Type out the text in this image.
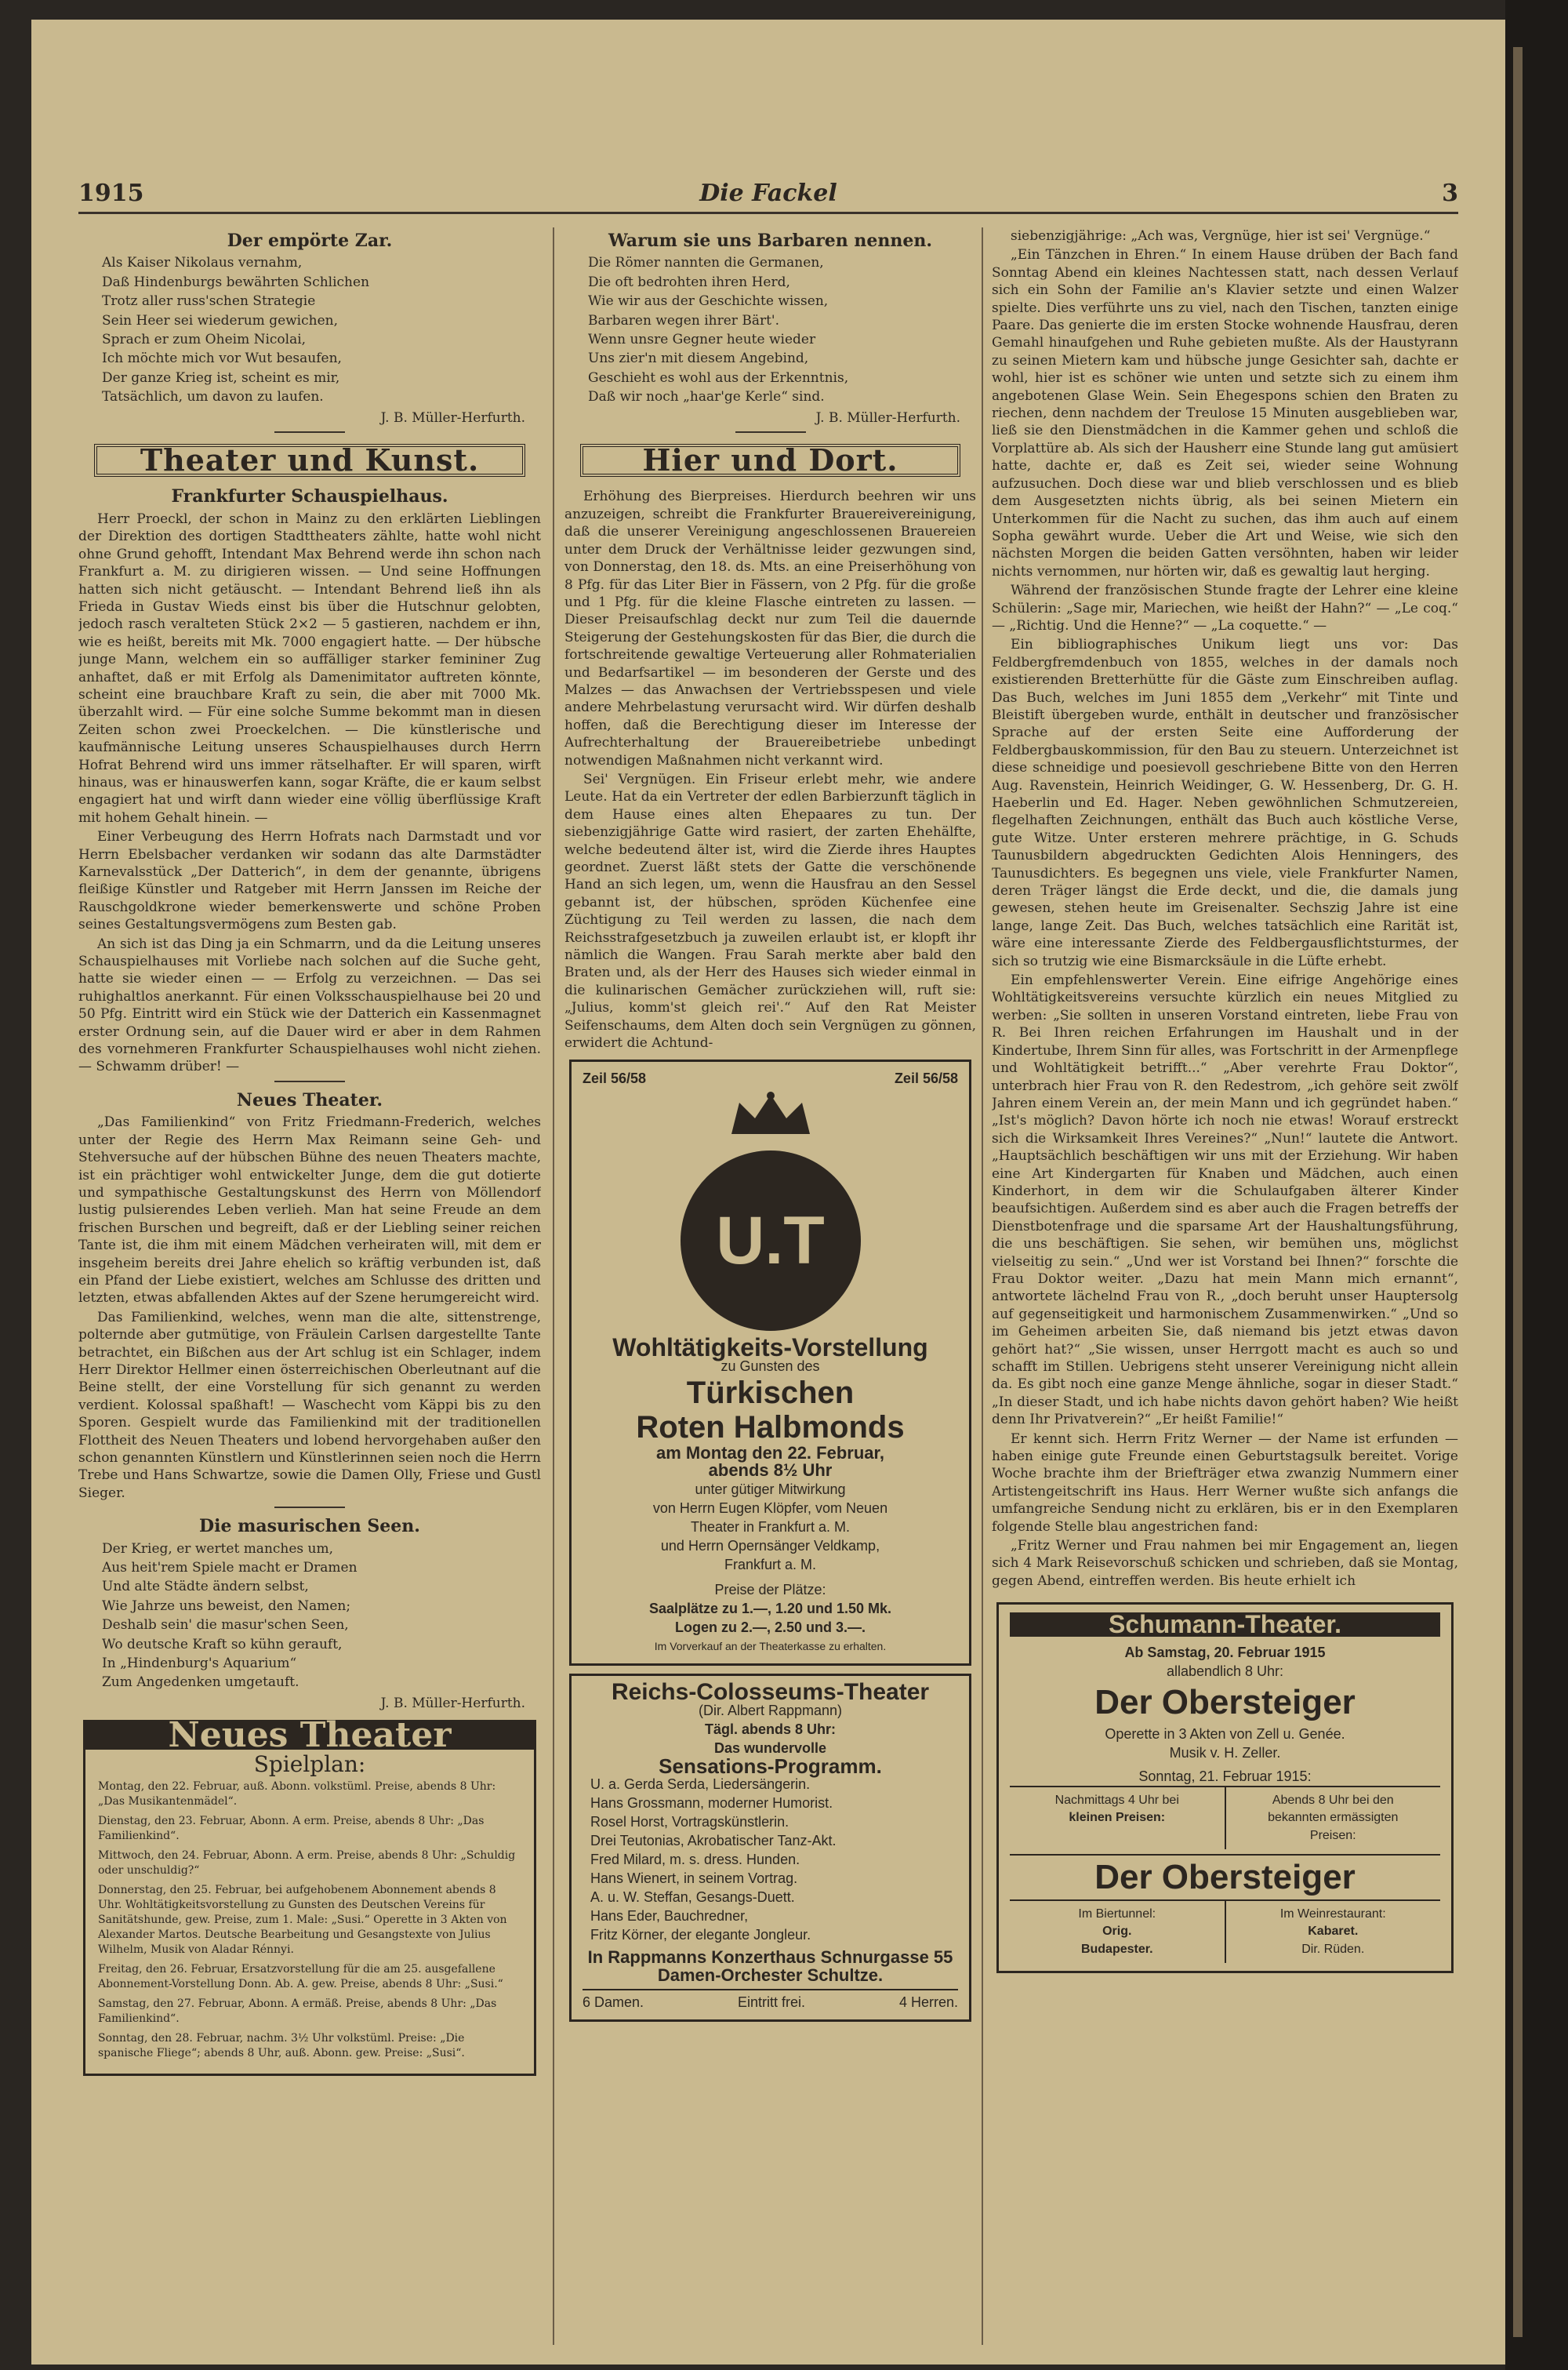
1915	Die Fackel	3
Der empörte Zar.
Als Kaiser Nikolaus vernahm,
Daß Hindenburgs bewährten Schlichen
Trotz aller russ'schen Strategie
Sein Heer sei wiederum gewichen,
Sprach er zum Oheim Nicolai,
Ich möchte mich vor Wut besaufen,
Der ganze Krieg ist, scheint es mir,
Tatsächlich, um davon zu laufen.
J. B. Müller-Herfurth.
Theater und Kunst.
Frankfurter Schauspielhaus.

Herr Proeckl, der schon in Mainz zu den erklärten Lieblingen der Direktion des dortigen Stadttheaters zählte, hatte wohl nicht ohne Grund gehofft, Intendant Max Behrend werde ihn schon nach Frankfurt a. M. zu dirigieren wissen. — Und seine Hoffnungen hatten sich nicht getäuscht. — Intendant Behrend ließ ihn als Frieda in Gustav Wieds einst bis über die Hutschnur gelobten, jedoch rasch veralteten Stück 2×2 — 5 gastieren, nachdem er ihn, wie es heißt, bereits mit Mk. 7000 engagiert hatte. — Der hübsche junge Mann, welchem ein so auffälliger starker femininer Zug anhaftet, daß er mit Erfolg als Damenimitator auftreten könnte, scheint eine brauchbare Kraft zu sein, die aber mit 7000 Mk. überzahlt wird. — Für eine solche Summe bekommt man in diesen Zeiten schon zwei Proeckelchen. — Die künstlerische und kaufmännische Leitung unseres Schauspielhauses durch Herrn Hofrat Behrend wird uns immer rätselhafter. Er will sparen, wirft hinaus, was er hinauswerfen kann, sogar Kräfte, die er kaum selbst engagiert hat und wirft dann wieder eine völlig überflüssige Kraft mit hohem Gehalt hinein. —

Einer Verbeugung des Herrn Hofrats nach Darmstadt und vor Herrn Ebelsbacher verdanken wir sodann das alte Darmstädter Karnevalsstück „Der Datterich“, in dem der genannte, übrigens fleißige Künstler und Ratgeber mit Herrn Janssen im Reiche der Rauschgoldkrone wieder bemerkenswerte und schöne Proben seines Gestaltungsvermögens zum Besten gab.

An sich ist das Ding ja ein Schmarrn, und da die Leitung unseres Schauspielhauses mit Vorliebe nach solchen auf die Suche geht, hatte sie wieder einen — — Erfolg zu verzeichnen. — Das sei ruhighaltlos anerkannt. Für einen Volksschauspielhause bei 20 und 50 Pfg. Eintritt wird ein Stück wie der Datterich ein Kassenmagnet erster Ordnung sein, auf die Dauer wird er aber in dem Rahmen des vornehmeren Frankfurter Schauspielhauses wohl nicht ziehen. — Schwamm drüber! —

Neues Theater.

„Das Familienkind“ von Fritz Friedmann-Frederich, welches unter der Regie des Herrn Max Reimann seine Geh- und Stehversuche auf der hübschen Bühne des neuen Theaters machte, ist ein prächtiger wohl entwickelter Junge, dem die gut dotierte und sympathische Gestaltungskunst des Herrn von Möllendorf lustig pulsierendes Leben verlieh. Man hat seine Freude an dem frischen Burschen und begreift, daß er der Liebling seiner reichen Tante ist, die ihm mit einem Mädchen verheiraten will, mit dem er insgeheim bereits drei Jahre ehelich so kräftig verbunden ist, daß ein Pfand der Liebe existiert, welches am Schlusse des dritten und letzten, etwas abfallenden Aktes auf der Szene herumgereicht wird.

Das Familienkind, welches, wenn man die alte, sittenstrenge, polternde aber gutmütige, von Fräulein Carlsen dargestellte Tante betrachtet, ein Bißchen aus der Art schlug ist ein Schlager, indem Herr Direktor Hellmer einen österreichischen Oberleutnant auf die Beine stellt, der eine Vorstellung für sich genannt zu werden verdient. Kolossal spaßhaft! — Waschecht vom Käppi bis zu den Sporen. Gespielt wurde das Familienkind mit der traditionellen Flottheit des Neuen Theaters und lobend hervorgehaben außer den schon genannten Künstlern und Künstlerinnen seien noch die Herrn Trebe und Hans Schwartze, sowie die Damen Olly, Friese und Gustl Sieger.

Die masurischen Seen.
Der Krieg, er wertet manches um,
Aus heit'rem Spiele macht er Dramen
Und alte Städte ändern selbst,
Wie Jahrze uns beweist, den Namen;
Deshalb sein' die masur'schen Seen,
Wo deutsche Kraft so kühn gerauft,
In „Hindenburg's Aquarium“
Zum Angedenken umgetauft.
J. B. Müller-Herfurth.
Neues Theater
Spielplan:
Montag, den 22. Februar, auß. Abonn. volkstüml. Preise, abends 8 Uhr: „Das Musikantenmädel“.
Dienstag, den 23. Februar, Abonn. A erm. Preise, abends 8 Uhr: „Das Familienkind“.
Mittwoch, den 24. Februar, Abonn. A erm. Preise, abends 8 Uhr: „Schuldig oder unschuldig?“
Donnerstag, den 25. Februar, bei aufgehobenem Abonnement abends 8 Uhr. Wohltätigkeitsvorstellung zu Gunsten des Deutschen Vereins für Sanitätshunde, gew. Preise, zum 1. Male: „Susi.“ Operette in 3 Akten von Alexander Martos. Deutsche Bearbeitung und Gesangstexte von Julius Wilhelm, Musik von Aladar Rénnyi.
Freitag, den 26. Februar, Ersatzvorstellung für die am 25. ausgefallene Abonnement-Vorstellung Donn. Ab. A. gew. Preise, abends 8 Uhr: „Susi.“
Samstag, den 27. Februar, Abonn. A ermäß. Preise, abends 8 Uhr: „Das Familienkind“.
Sonntag, den 28. Februar, nachm. 3½ Uhr volkstüml. Preise: „Die spanische Fliege“; abends 8 Uhr, auß. Abonn. gew. Preise: „Susi“.
Warum sie uns Barbaren nennen.
Die Römer nannten die Germanen,
Die oft bedrohten ihren Herd,
Wie wir aus der Geschichte wissen,
Barbaren wegen ihrer Bärt'.
Wenn unsre Gegner heute wieder
Uns zier'n mit diesem Angebind,
Geschieht es wohl aus der Erkenntnis,
Daß wir noch „haar'ge Kerle“ sind.
J. B. Müller-Herfurth.
Hier und Dort.

Erhöhung des Bierpreises. Hierdurch beehren wir uns anzuzeigen, schreibt die Frankfurter Brauereivereinigung, daß die unserer Vereinigung angeschlossenen Brauereien unter dem Druck der Verhältnisse leider gezwungen sind, von Donnerstag, den 18. ds. Mts. an eine Preiserhöhung von 8 Pfg. für das Liter Bier in Fässern, von 2 Pfg. für die große und 1 Pfg. für die kleine Flasche eintreten zu lassen. — Dieser Preisaufschlag deckt nur zum Teil die dauernde Steigerung der Gestehungskosten für das Bier, die durch die fortschreitende gewaltige Verteuerung aller Rohmaterialien und Bedarfsartikel — im besonderen der Gerste und des Malzes — das Anwachsen der Vertriebsspesen und viele andere Mehrbelastung verursacht wird. Wir dürfen deshalb hoffen, daß die Berechtigung dieser im Interesse der Aufrechterhaltung der Brauereibetriebe unbedingt notwendigen Maßnahmen nicht verkannt wird.

Sei' Vergnügen. Ein Friseur erlebt mehr, wie andere Leute. Hat da ein Vertreter der edlen Barbierzunft täglich in dem Hause eines alten Ehepaares zu tun. Der siebenzigjährige Gatte wird rasiert, der zarten Ehehälfte, welche bedeutend älter ist, wird die Zierde ihres Hauptes geordnet. Zuerst läßt stets der Gatte die verschönende Hand an sich legen, um, wenn die Hausfrau an den Sessel gebannt ist, der hübschen, spröden Küchenfee eine Züchtigung zu Teil werden zu lassen, die nach dem Reichsstrafgesetzbuch ja zuweilen erlaubt ist, er klopft ihr nämlich die Wangen. Frau Sarah merkte aber bald den Braten und, als der Herr des Hauses sich wieder einmal in die kulinarischen Gemächer zurückziehen will, ruft sie: „Julius, komm'st gleich rei'.“ Auf den Rat Meister Seifenschaums, dem Alten doch sein Vergnügen zu gönnen, erwidert die Achtund-

Zeil 56/58	Zeil 56/58
U.T
Wohltätigkeits-Vorstellung
zu Gunsten des
Türkischen
Roten Halbmonds
am Montag den 22. Februar,
abends 8½ Uhr
unter gütiger Mitwirkung
von Herrn Eugen Klöpfer, vom Neuen
Theater in Frankfurt a. M.
und Herrn Opernsänger Veldkamp,
Frankfurt a. M.
Preise der Plätze:
Saalplätze zu 1.—, 1.20 und 1.50 Mk.
Logen zu 2.—, 2.50 und 3.—.
Im Vorverkauf an der Theaterkasse zu erhalten.
Reichs-Colosseums-Theater
(Dir. Albert Rappmann)
Tägl. abends 8 Uhr:
Das wundervolle
Sensations-Programm.
U. a. Gerda Serda, Liedersängerin.
Hans Grossmann, moderner Humorist.
Rosel Horst, Vortragskünstlerin.
Drei Teutonias, Akrobatischer Tanz-Akt.
Fred Milard, m. s. dress. Hunden.
Hans Wienert, in seinem Vortrag.
A. u. W. Steffan, Gesangs-Duett.
Hans Eder, Bauchredner,
Fritz Körner, der elegante Jongleur.
In Rappmanns Konzerthaus Schnurgasse 55
Damen-Orchester Schultze.
6 Damen.	Eintritt frei.	4 Herren.

siebenzigjährige: „Ach was, Vergnüge, hier ist sei' Vergnüge.“

„Ein Tänzchen in Ehren.“ In einem Hause drüben der Bach fand Sonntag Abend ein kleines Nachtessen statt, nach dessen Verlauf sich ein Sohn der Familie an's Klavier setzte und einen Walzer spielte. Dies verführte uns zu viel, nach den Tischen, tanzten einige Paare. Das genierte die im ersten Stocke wohnende Hausfrau, deren Gemahl hinaufgehen und Ruhe gebieten mußte. Als der Haustyrann zu seinen Mietern kam und hübsche junge Gesichter sah, dachte er wohl, hier ist es schöner wie unten und setzte sich zu einem ihm angebotenen Glase Wein. Sein Ehegespons schien den Braten zu riechen, denn nachdem der Treulose 15 Minuten ausgeblieben war, ließ sie den Dienstmädchen in die Kammer gehen und schloß die Vorplattüre ab. Als sich der Hausherr eine Stunde lang gut amüsiert hatte, dachte er, daß es Zeit sei, wieder seine Wohnung aufzusuchen. Doch diese war und blieb verschlossen und es blieb dem Ausgesetzten nichts übrig, als bei seinen Mietern ein Unterkommen für die Nacht zu suchen, das ihm auch auf einem Sopha gewährt wurde. Ueber die Art und Weise, wie sich den nächsten Morgen die beiden Gatten versöhnten, haben wir leider nichts vernommen, nur hörten wir, daß es gewaltig laut herging.

Während der französischen Stunde fragte der Lehrer eine kleine Schülerin: „Sage mir, Mariechen, wie heißt der Hahn?“ — „Le coq.“ — „Richtig. Und die Henne?“ — „La coquette.“ —

Ein bibliographisches Unikum liegt uns vor: Das Feldbergfremdenbuch von 1855, welches in der damals noch existierenden Bretterhütte für die Gäste zum Einschreiben auflag. Das Buch, welches im Juni 1855 dem „Verkehr“ mit Tinte und Bleistift übergeben wurde, enthält in deutscher und französischer Sprache auf der ersten Seite eine Aufforderung der Feldbergbauskommission, für den Bau zu steuern. Unterzeichnet ist diese schneidige und poesievoll geschriebene Bitte von den Herren Aug. Ravenstein, Heinrich Weidinger, G. W. Hessenberg, Dr. G. H. Haeberlin und Ed. Hager. Neben gewöhnlichen Schmutzereien, flegelhaften Zeichnungen, enthält das Buch auch köstliche Verse, gute Witze. Unter ersteren mehrere prächtige, in G. Schuds Taunusbildern abgedruckten Gedichten Alois Henningers, des Taunusdichters. Es begegnen uns viele, viele Frankfurter Namen, deren Träger längst die Erde deckt, und die, die damals jung gewesen, stehen heute im Greisenalter. Sechszig Jahre ist eine lange, lange Zeit. Das Buch, welches tatsächlich eine Rarität ist, wäre eine interessante Zierde des Feldbergausflichtsturmes, der sich so trutzig wie eine Bismarcksäule in die Lüfte erhebt.

Ein empfehlenswerter Verein. Eine eifrige Angehörige eines Wohltätigkeitsvereins versuchte kürzlich ein neues Mitglied zu werben: „Sie sollten in unseren Vorstand eintreten, liebe Frau von R. Bei Ihren reichen Erfahrungen im Haushalt und in der Kindertube, Ihrem Sinn für alles, was Fortschritt in der Armenpflege und Wohltätigkeit betrifft...“ „Aber verehrte Frau Doktor“, unterbrach hier Frau von R. den Redestrom, „ich gehöre seit zwölf Jahren einem Verein an, der mein Mann und ich gegründet haben.“ „Ist's möglich? Davon hörte ich noch nie etwas! Worauf erstreckt sich die Wirksamkeit Ihres Vereines?“ „Nun!“ lautete die Antwort. „Hauptsächlich beschäftigen wir uns mit der Erziehung. Wir haben eine Art Kindergarten für Knaben und Mädchen, auch einen Kinderhort, in dem wir die Schulaufgaben älterer Kinder beaufsichtigen. Außerdem sind es aber auch die Fragen betreffs der Dienstbotenfrage und die sparsame Art der Haushaltungsführung, die uns beschäftigen. Sie sehen, wir bemühen uns, möglichst vielseitig zu sein.“ „Und wer ist Vorstand bei Ihnen?“ forschte die Frau Doktor weiter. „Dazu hat mein Mann mich ernannt“, antwortete lächelnd Frau von R., „doch beruht unser Hauptersolg auf gegenseitigkeit und harmonischem Zusammenwirken.“ „Und so im Geheimen arbeiten Sie, daß niemand bis jetzt etwas davon gehört hat?“ „Sie wissen, unser Herrgott macht es auch so und schafft im Stillen. Uebrigens steht unserer Vereinigung nicht allein da. Es gibt noch eine ganze Menge ähnliche, sogar in dieser Stadt.“ „In dieser Stadt, und ich habe nichts davon gehört haben? Wie heißt denn Ihr Privatverein?“ „Er heißt Familie!“

Er kennt sich. Herrn Fritz Werner — der Name ist erfunden — haben einige gute Freunde einen Geburtstagsulk bereitet. Vorige Woche brachte ihm der Briefträger etwa zwanzig Nummern einer Artistengeitschrift ins Haus. Herr Werner wußte sich anfangs die umfangreiche Sendung nicht zu erklären, bis er in den Exemplaren folgende Stelle blau angestrichen fand:

„Fritz Werner und Frau nahmen bei mir Engagement an, liegen sich 4 Mark Reisevorschuß schicken und schrieben, daß sie Montag, gegen Abend, eintreffen werden. Bis heute erhielt ich

Schumann-Theater.
Ab Samstag, 20. Februar 1915
allabendlich 8 Uhr:
Der Obersteiger
Operette in 3 Akten von Zell u. Genée.
Musik v. H. Zeller.
Sonntag, 21. Februar 1915:
Nachmittags 4 Uhr bei
kleinen Preisen:
Abends 8 Uhr bei den
bekannten ermässigten
Preisen:
Der Obersteiger
Im Biertunnel:
Orig.
Budapester.
Im Weinrestaurant:
Kabaret.
Dir. Rüden.
